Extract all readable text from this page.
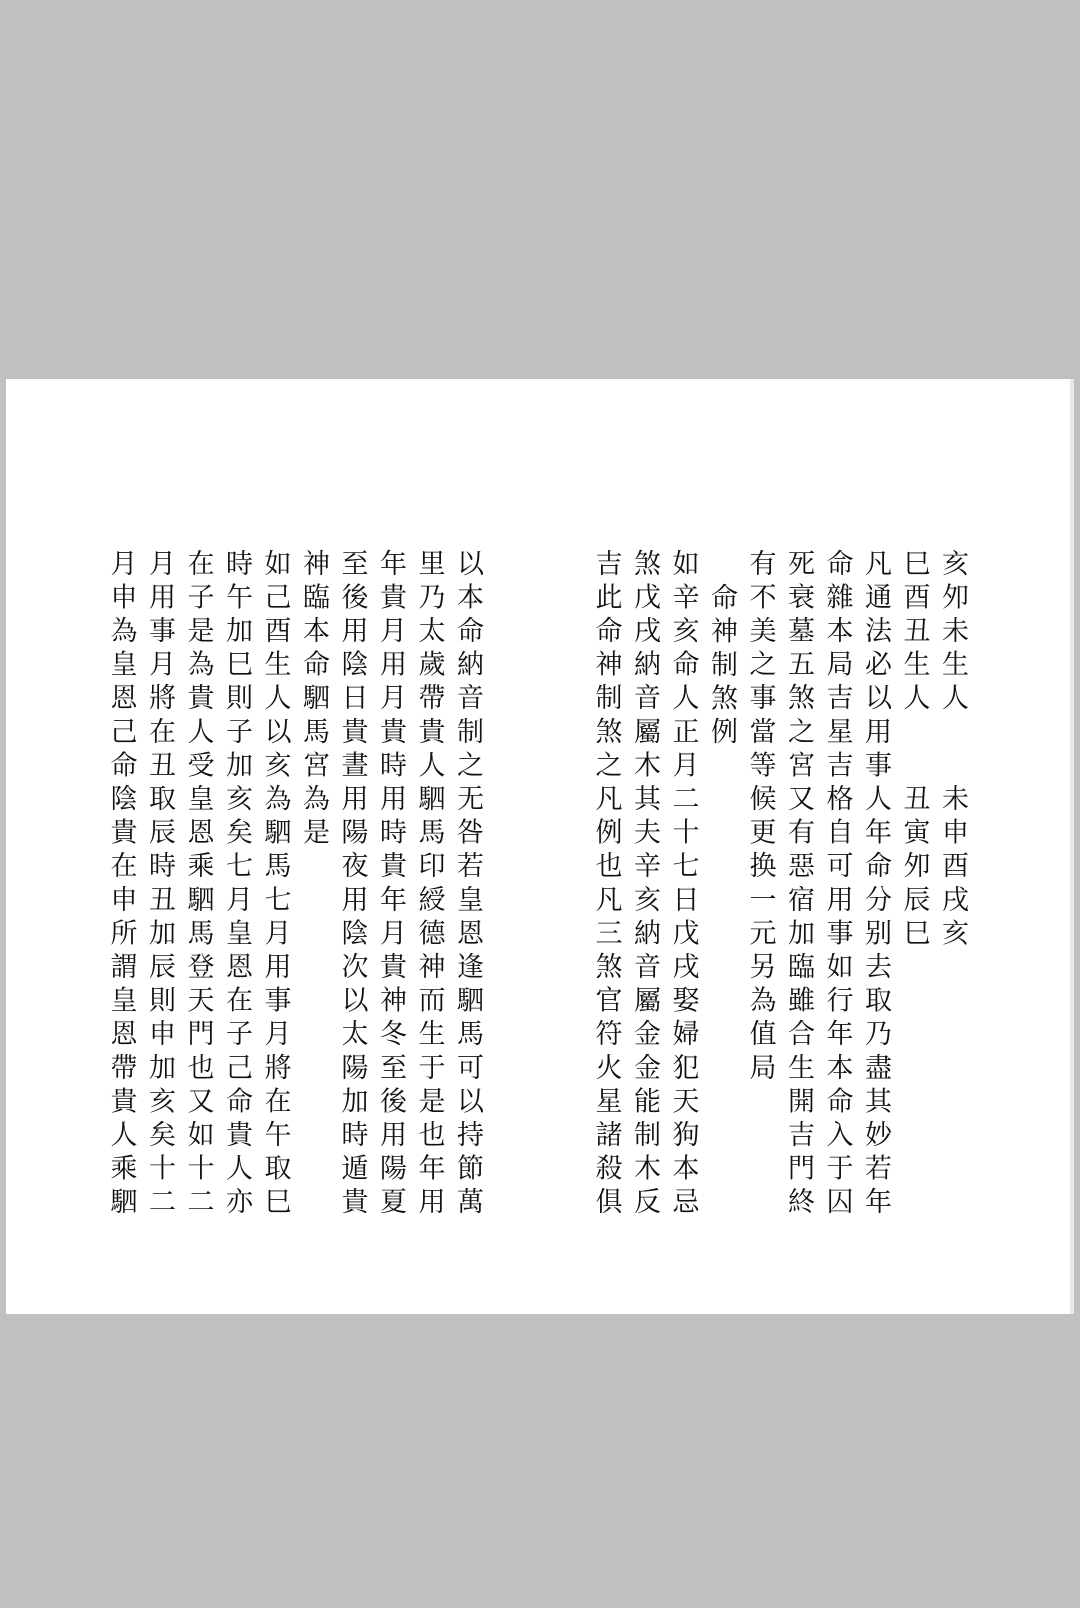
亥夘未生人　　未申酉戌亥
巳酉丑生人　　丑寅夘辰巳
凡通法必以用事人年命分别去取乃盡其妙若年
命雜本局吉星吉格自可用事如行年本命入于囚
死衰墓五煞之宮又有惡宿加臨雖合生開吉門終
有不美之事當等候更换一元另為值局
命神制煞例
如辛亥命人正月二十七日戊戌娶婦犯天狗本忌
煞戊戌納音屬木其夫辛亥納音屬金金能制木反
吉此命神制煞之凡例也凡三煞官符火星諸殺俱
以本命納音制之无咎若皇恩逢駟馬可以持節萬
里乃太歲帶貴人駟馬印綬德神而生于是也年用
年貴月用月貴時用時貴年月貴神冬至後用陽夏
至後用陰日貴晝用陽夜用陰次以太陽加時遁貴
神臨本命駟馬宮為是
如己酉生人以亥為駟馬七月用事月將在午取巳
時午加巳則子加亥矣七月皇恩在子己命貴人亦
在子是為貴人受皇恩乘駟馬登天門也又如十二
月用事月將在丑取辰時丑加辰則申加亥矣十二
月申為皇恩己命陰貴在申所謂皇恩帶貴人乘駟
